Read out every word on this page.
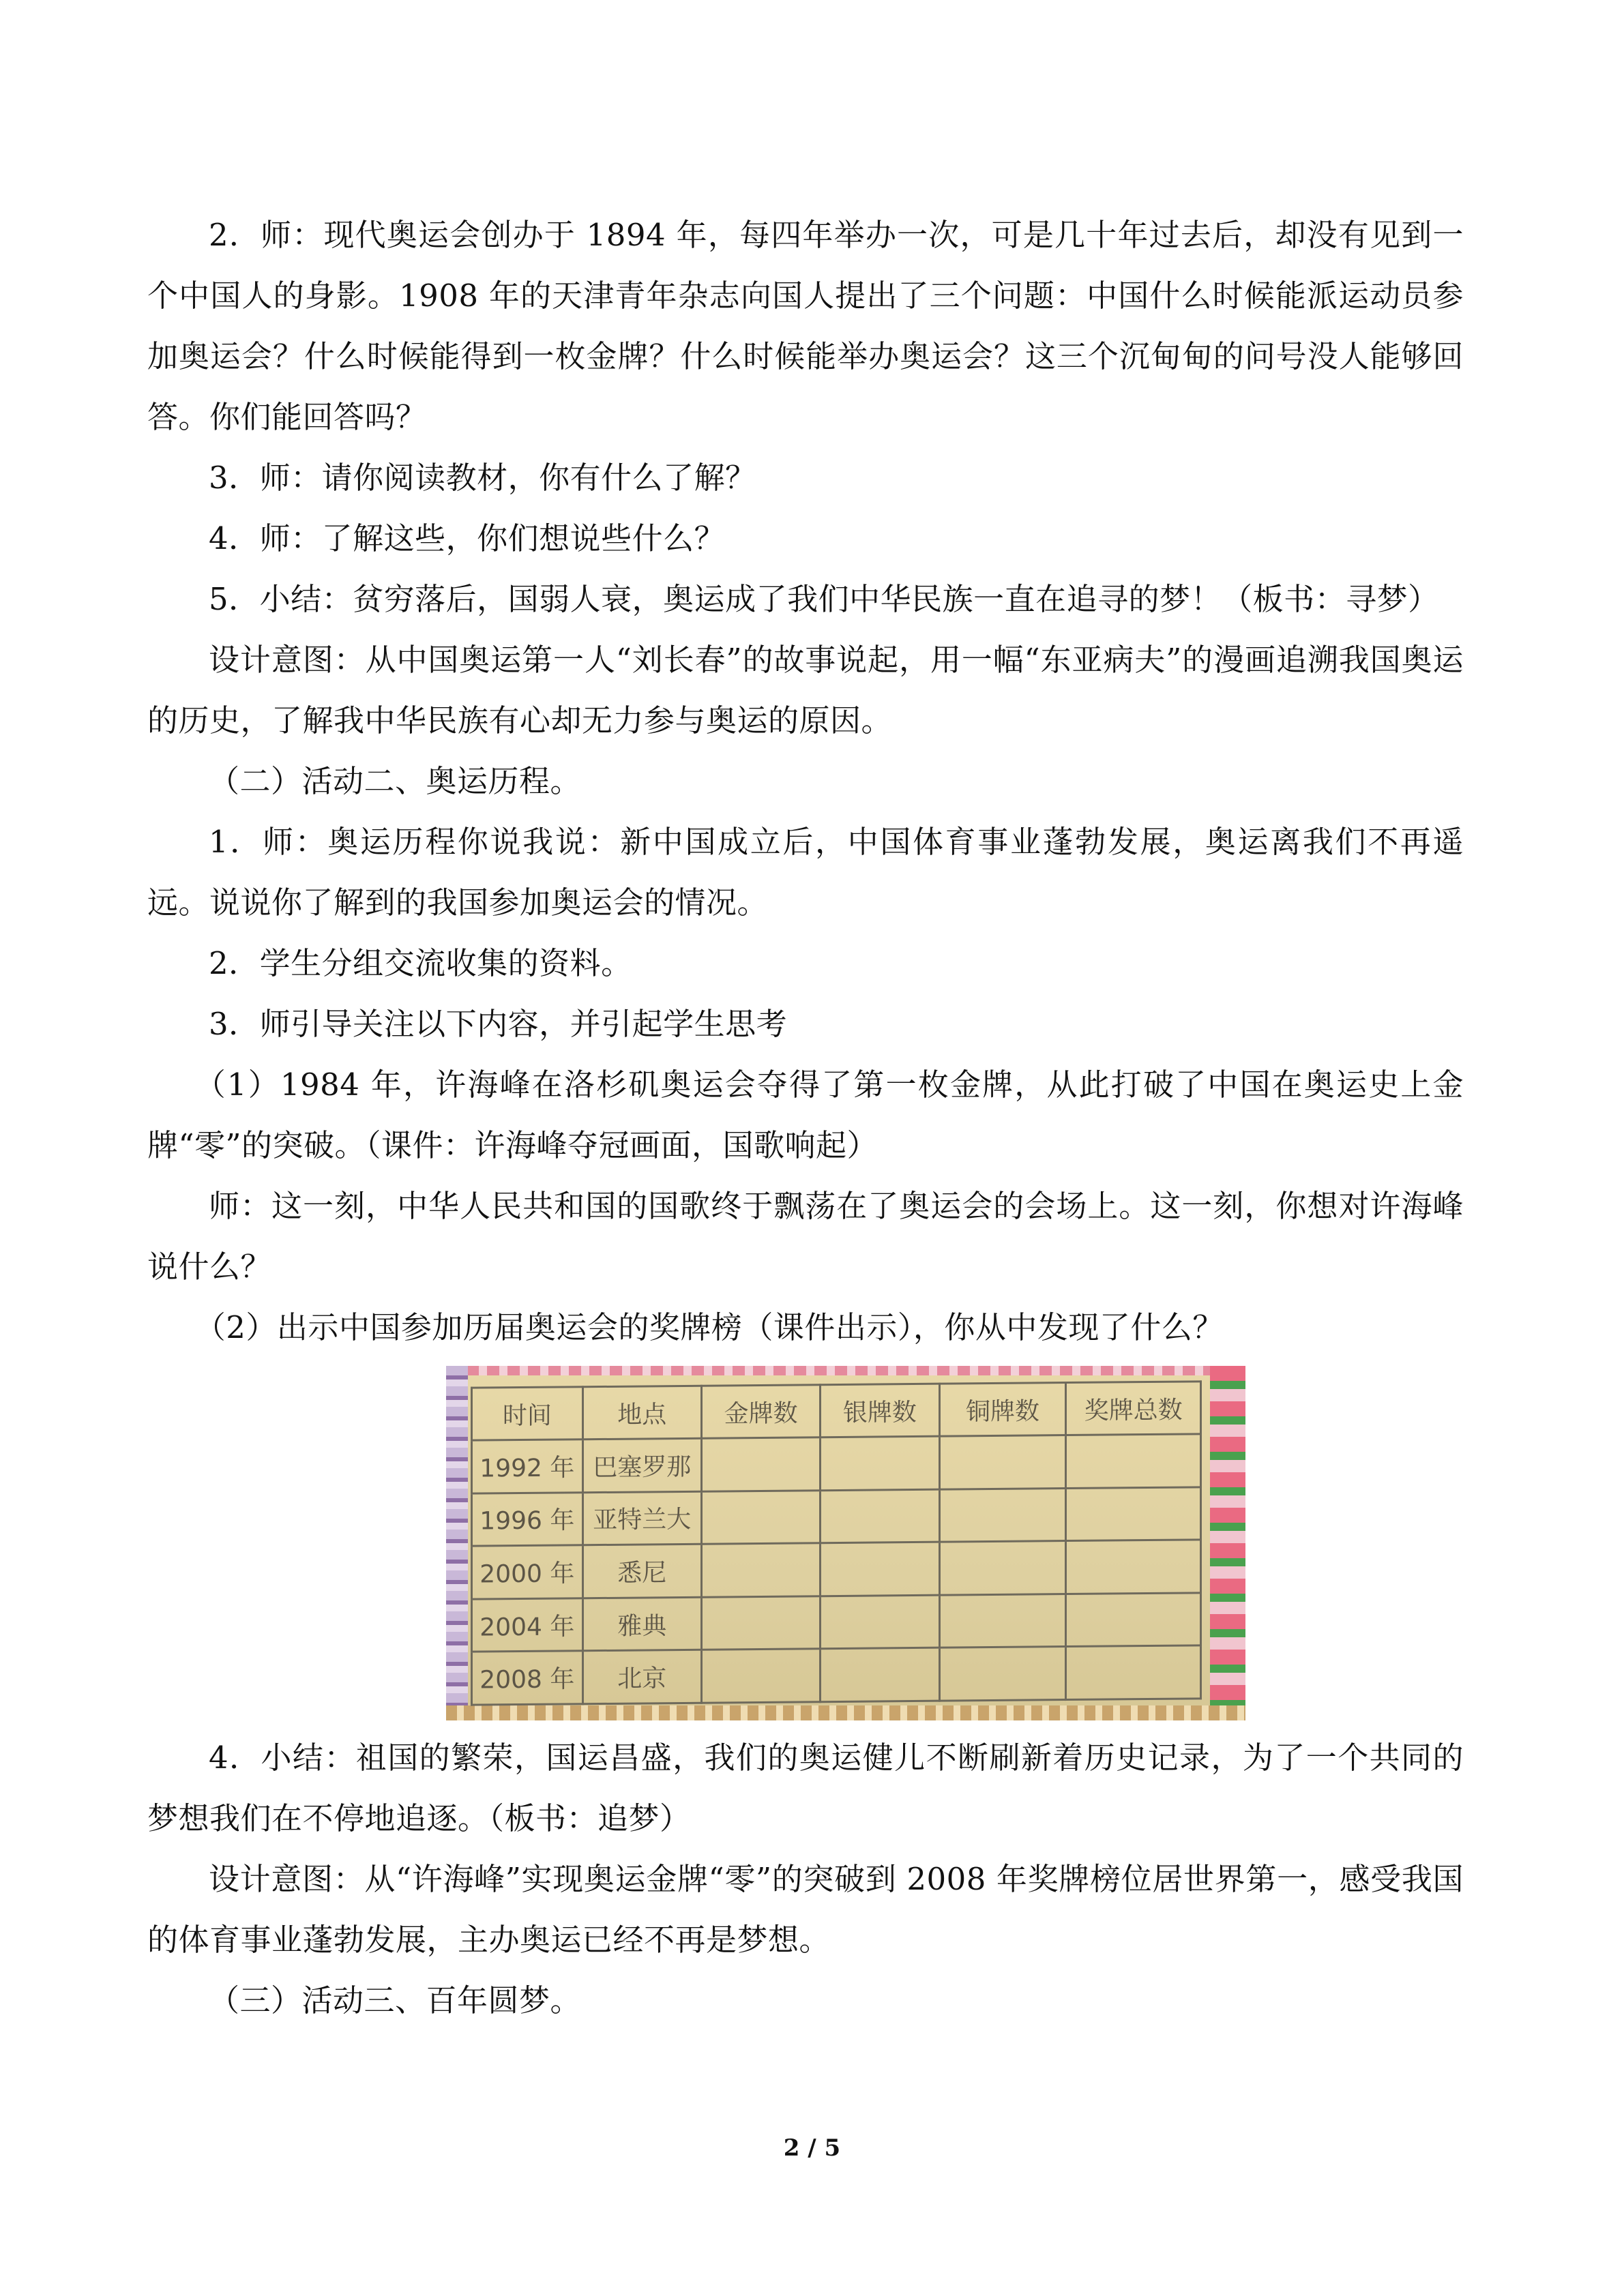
2．师：现代奥运会创办于 1894 年，每四年举办一次，可是几十年过去后，却没有见到一个中国人的身影。1908 年的天津青年杂志向国人提出了三个问题：中国什么时候能派运动员参加奥运会？什么时候能得到一枚金牌？什么时候能举办奥运会？这三个沉甸甸的问号没人能够回答。你们能回答吗？

3．师：请你阅读教材，你有什么了解？

4．师：了解这些，你们想说些什么？

5．小结：贫穷落后，国弱人衰，奥运成了我们中华民族一直在追寻的梦！（板书：寻梦）

设计意图：从中国奥运第一人“刘长春”的故事说起，用一幅“东亚病夫”的漫画追溯我国奥运的历史，了解我中华民族有心却无力参与奥运的原因。

（二）活动二、奥运历程。

1．师：奥运历程你说我说：新中国成立后，中国体育事业蓬勃发展，奥运离我们不再遥远。说说你了解到的我国参加奥运会的情况。

2．学生分组交流收集的资料。

3．师引导关注以下内容，并引起学生思考

（1）1984 年，许海峰在洛杉矶奥运会夺得了第一枚金牌，从此打破了中国在奥运史上金牌“零”的突破。（课件：许海峰夺冠画面，国歌响起）

师：这一刻，中华人民共和国的国歌终于飘荡在了奥运会的会场上。这一刻，你想对许海峰说什么？

（2）出示中国参加历届奥运会的奖牌榜（课件出示），你从中发现了什么？

时间	地点	金牌数	银牌数	铜牌数	奖牌总数
1992 年	巴塞罗那				
1996 年	亚特兰大				
2000 年	悉尼				
2004 年	雅典				
2008 年	北京				

4．小结：祖国的繁荣，国运昌盛，我们的奥运健儿不断刷新着历史记录，为了一个共同的梦想我们在不停地追逐。（板书：追梦）

设计意图：从“许海峰”实现奥运金牌“零”的突破到 2008 年奖牌榜位居世界第一，感受我国的体育事业蓬勃发展，主办奥运已经不再是梦想。

（三）活动三、百年圆梦。

2 / 5
